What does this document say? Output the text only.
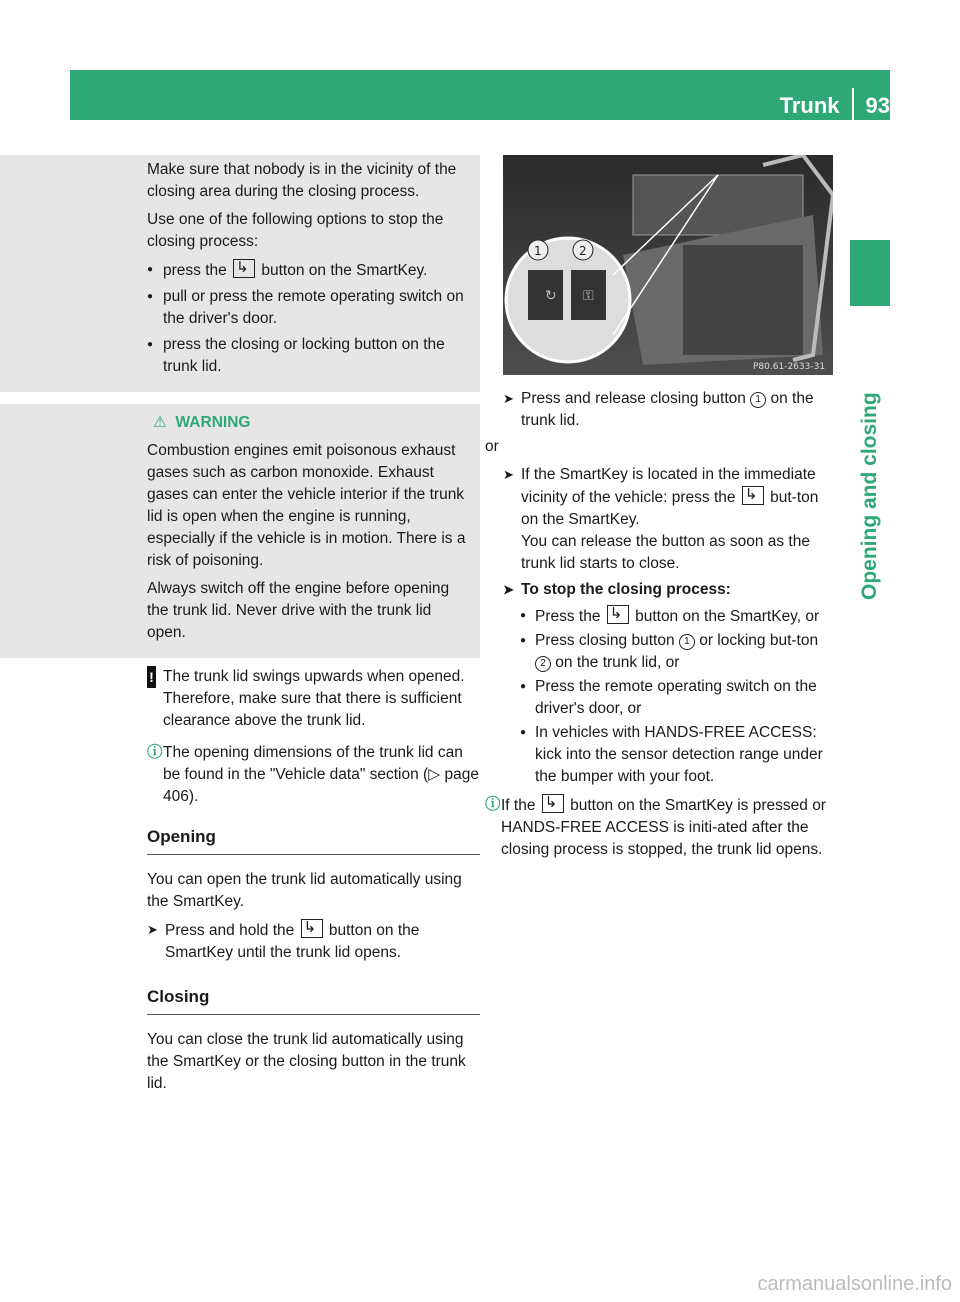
Trunk 93
Opening and closing

Make sure that nobody is in the vicinity of the closing area during the closing process.

Use one of the following options to stop the closing process:

● press the ↳ button on the SmartKey.
● pull or press the remote operating switch on the driver's door.
● press the closing or locking button on the trunk lid.

⚠ WARNING

Combustion engines emit poisonous exhaust gases such as carbon monoxide. Exhaust gases can enter the vehicle interior if the trunk lid is open when the engine is running, especially if the vehicle is in motion. There is a risk of poisoning.

Always switch off the engine before opening the trunk lid. Never drive with the trunk lid open.

! The trunk lid swings upwards when opened. Therefore, make sure that there is sufficient clearance above the trunk lid.
ⓘ The opening dimensions of the trunk lid can be found in the "Vehicle data" section (▷ page 406).
Opening

You can open the trunk lid automatically using the SmartKey.

➤ Press and hold the ↳ button on the SmartKey until the trunk lid opens.
Closing

You can close the trunk lid automatically using the SmartKey or the closing button in the trunk lid.

↻ ⚿
1	2
P80.61-2633-31
➤ Press and release closing button 1 on the trunk lid.

or

➤ If the SmartKey is located in the immediate vicinity of the vehicle: press the ↳ but-ton on the SmartKey.
You can release the button as soon as the trunk lid starts to close.
➤ To stop the closing process:
● Press the ↳ button on the SmartKey, or
● Press closing button 1 or locking but-ton 2 on the trunk lid, or
● Press the remote operating switch on the driver's door, or
● In vehicles with HANDS-FREE ACCESS: kick into the sensor detection range under the bumper with your foot.
ⓘ If the ↳ button on the SmartKey is pressed or HANDS-FREE ACCESS is initi-ated after the closing process is stopped, the trunk lid opens.
carmanualsonline.info
